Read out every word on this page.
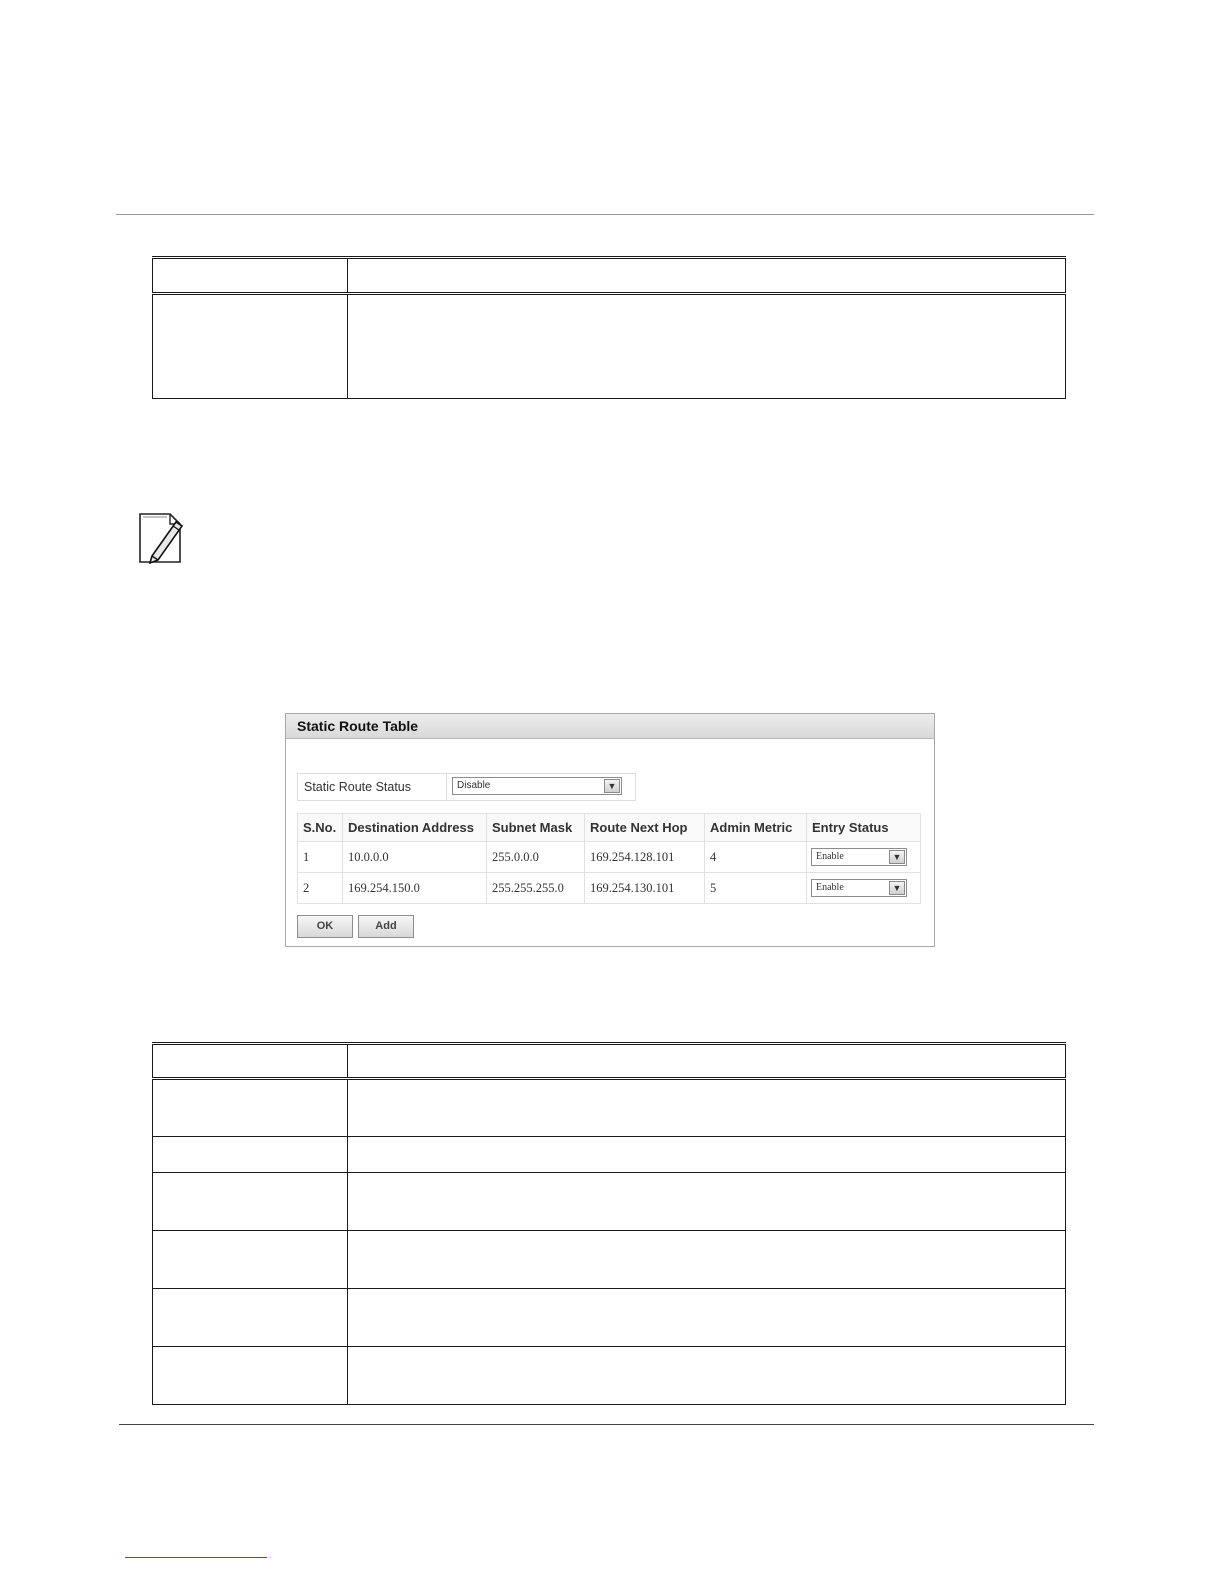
Static Route Table
Static Route Status	Disable	▼
S.No.	Destination Address	Subnet Mask	Route Next Hop	Admin Metric	Entry Status
1	10.0.0.0	255.0.0.0	169.254.128.101	4	Enable ▼

2	169.254.150.0	255.255.255.0	169.254.130.101	5	Enable ▼
OK	Add
